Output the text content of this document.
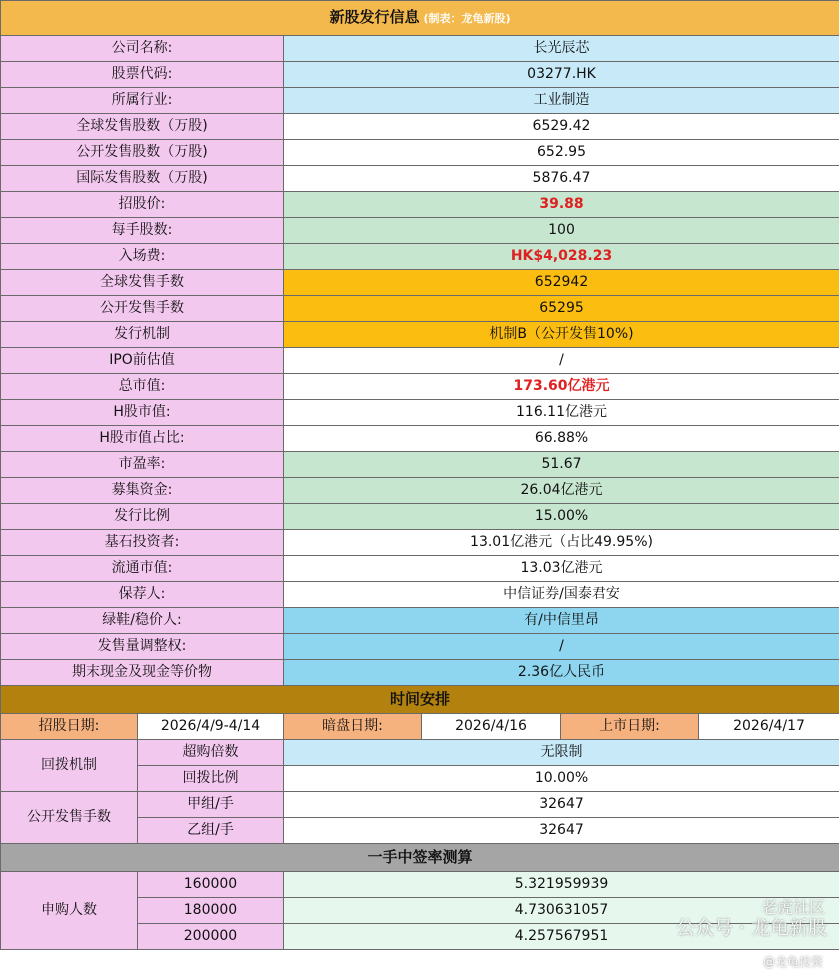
新股发行信息 (制表：龙龟新股)					
公司名称:		长光辰芯			
股票代码:		03277.HK			
所属行业:		工业制造			
全球发售股数（万股)		6529.42			
公开发售股数（万股)		652.95			
国际发售股数（万股)		5876.47			
招股价:		39.88			
每手股数:		100			
入场费:		HK$4,028.23			
全球发售手数		652942			
公开发售手数		65295			
发行机制		机制B（公开发售10%)			
IPO前估值		/			
总市值:		173.60亿港元			
H股市值:		116.11亿港元			
H股市值占比:		66.88%			
市盈率:		51.67			
募集资金:		26.04亿港元			
发行比例		15.00%			
基石投资者:		13.01亿港元（占比49.95%)			
流通市值:		13.03亿港元			
保荐人:		中信证券/国泰君安			
绿鞋/稳价人:		有/中信里昂			
发售量调整权:		/			
期末现金及现金等价物		2.36亿人民币			
时间安排					
招股日期:	2026/4/9-4/14	暗盘日期:	2026/4/16	上市日期:	2026/4/17
回拨机制	超购倍数	无限制			
	回拨比例	10.00%			
公开发售手数	甲组/手	32647			
	乙组/手	32647			
一手中签率测算					
申购人数	160000	5.321959939			
	180000	4.730631057			
	200000	4.257567951			
老虎社区
公众号 · 龙龟新股
@龙龟投资
